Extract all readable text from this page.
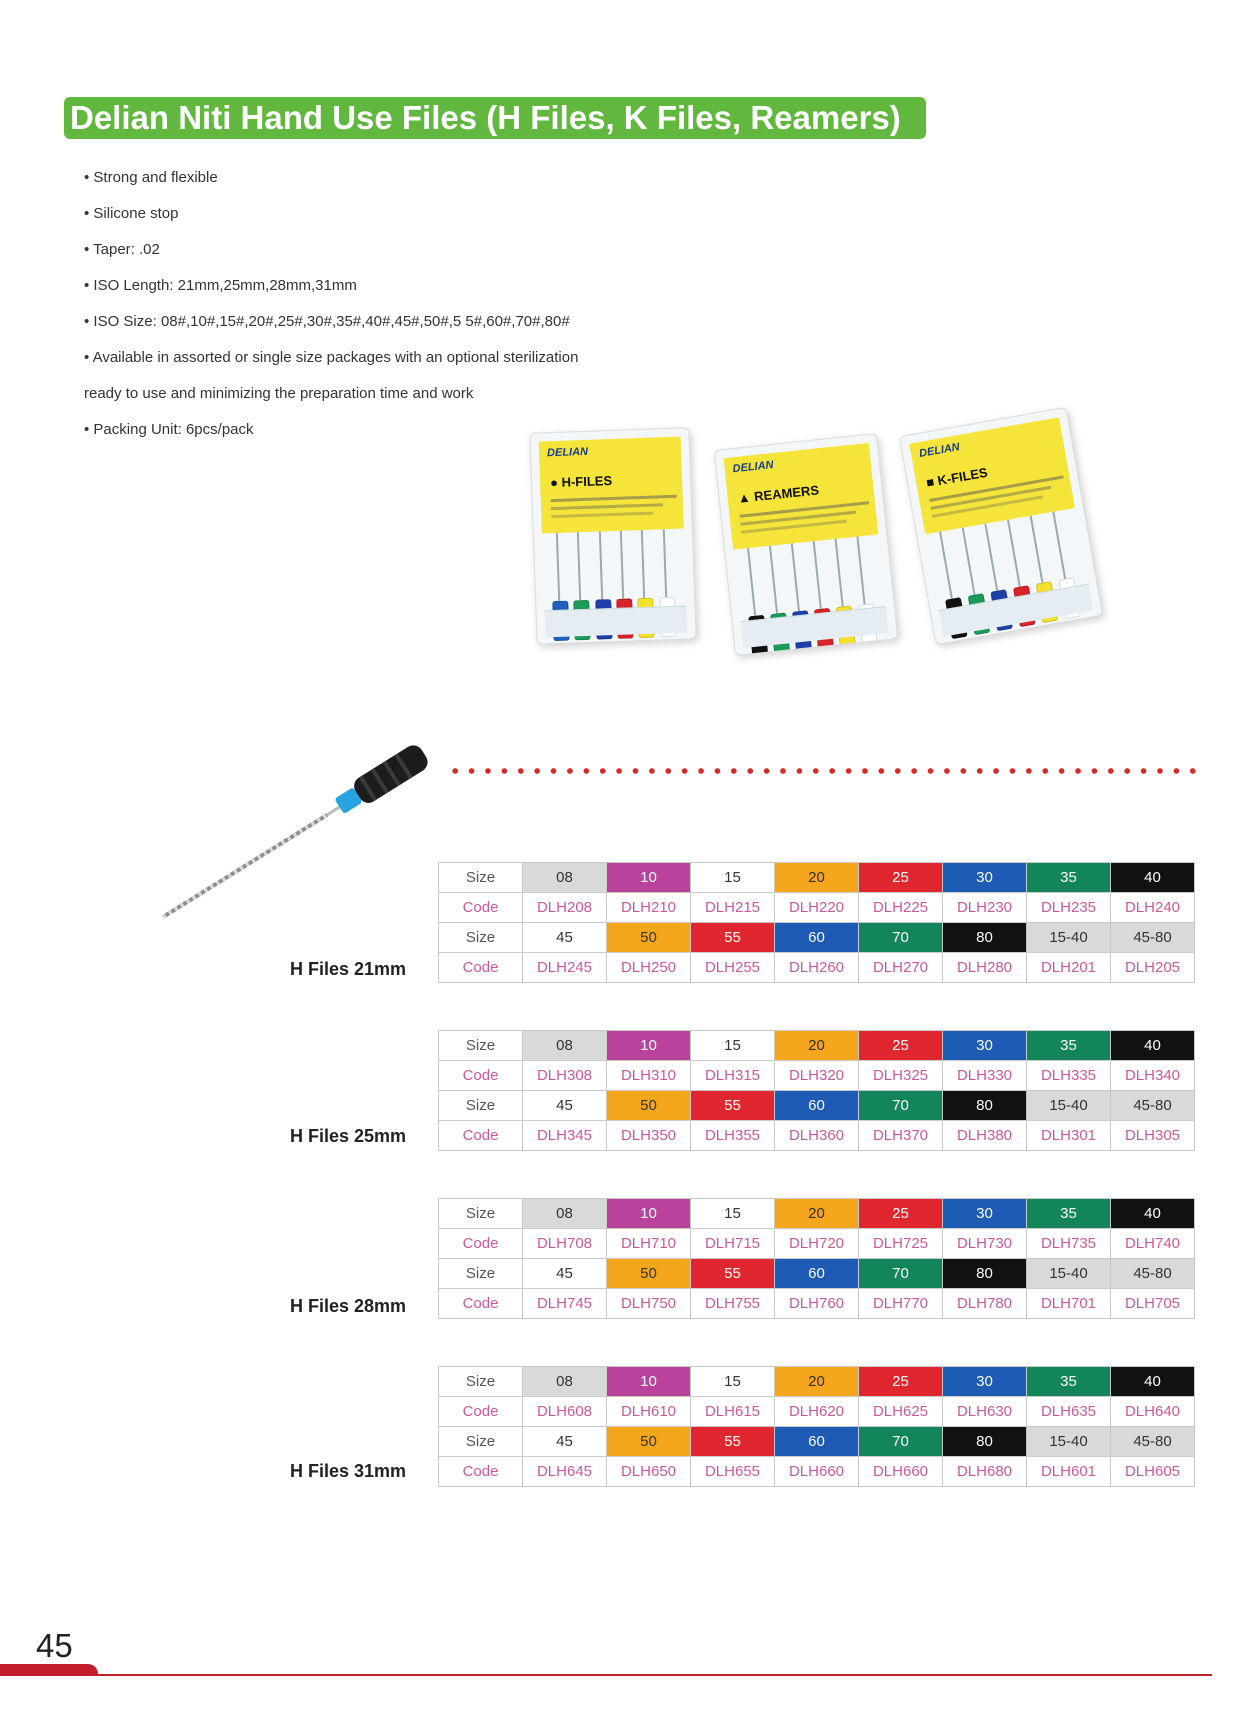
Delian Niti Hand Use Files (H Files, K Files, Reamers)
• Strong and flexible
• Silicone stop
• Taper: .02
• ISO Length: 21mm,25mm,28mm,31mm
• ISO Size: 08#,10#,15#,20#,25#,30#,35#,40#,45#,50#,5 5#,60#,70#,80#
• Available in assorted or single size packages with an optional sterilization
ready to use and minimizing the preparation time and work
• Packing Unit: 6pcs/pack
DELIAN
● H-FILES
DELIAN
▲ REAMERS
DELIAN
■ K-FILES
Size	08	10	15	20	25	30	35	40
Code	DLH208	DLH210	DLH215	DLH220	DLH225	DLH230	DLH235	DLH240
Size	45	50	55	60	70	80	15-40	45-80
Code	DLH245	DLH250	DLH255	DLH260	DLH270	DLH280	DLH201	DLH205
H Files 21mm
Size	08	10	15	20	25	30	35	40
Code	DLH308	DLH310	DLH315	DLH320	DLH325	DLH330	DLH335	DLH340
Size	45	50	55	60	70	80	15-40	45-80
Code	DLH345	DLH350	DLH355	DLH360	DLH370	DLH380	DLH301	DLH305
H Files 25mm
Size	08	10	15	20	25	30	35	40
Code	DLH708	DLH710	DLH715	DLH720	DLH725	DLH730	DLH735	DLH740
Size	45	50	55	60	70	80	15-40	45-80
Code	DLH745	DLH750	DLH755	DLH760	DLH770	DLH780	DLH701	DLH705
H Files 28mm
Size	08	10	15	20	25	30	35	40
Code	DLH608	DLH610	DLH615	DLH620	DLH625	DLH630	DLH635	DLH640
Size	45	50	55	60	70	80	15-40	45-80
Code	DLH645	DLH650	DLH655	DLH660	DLH660	DLH680	DLH601	DLH605
H Files 31mm
45
